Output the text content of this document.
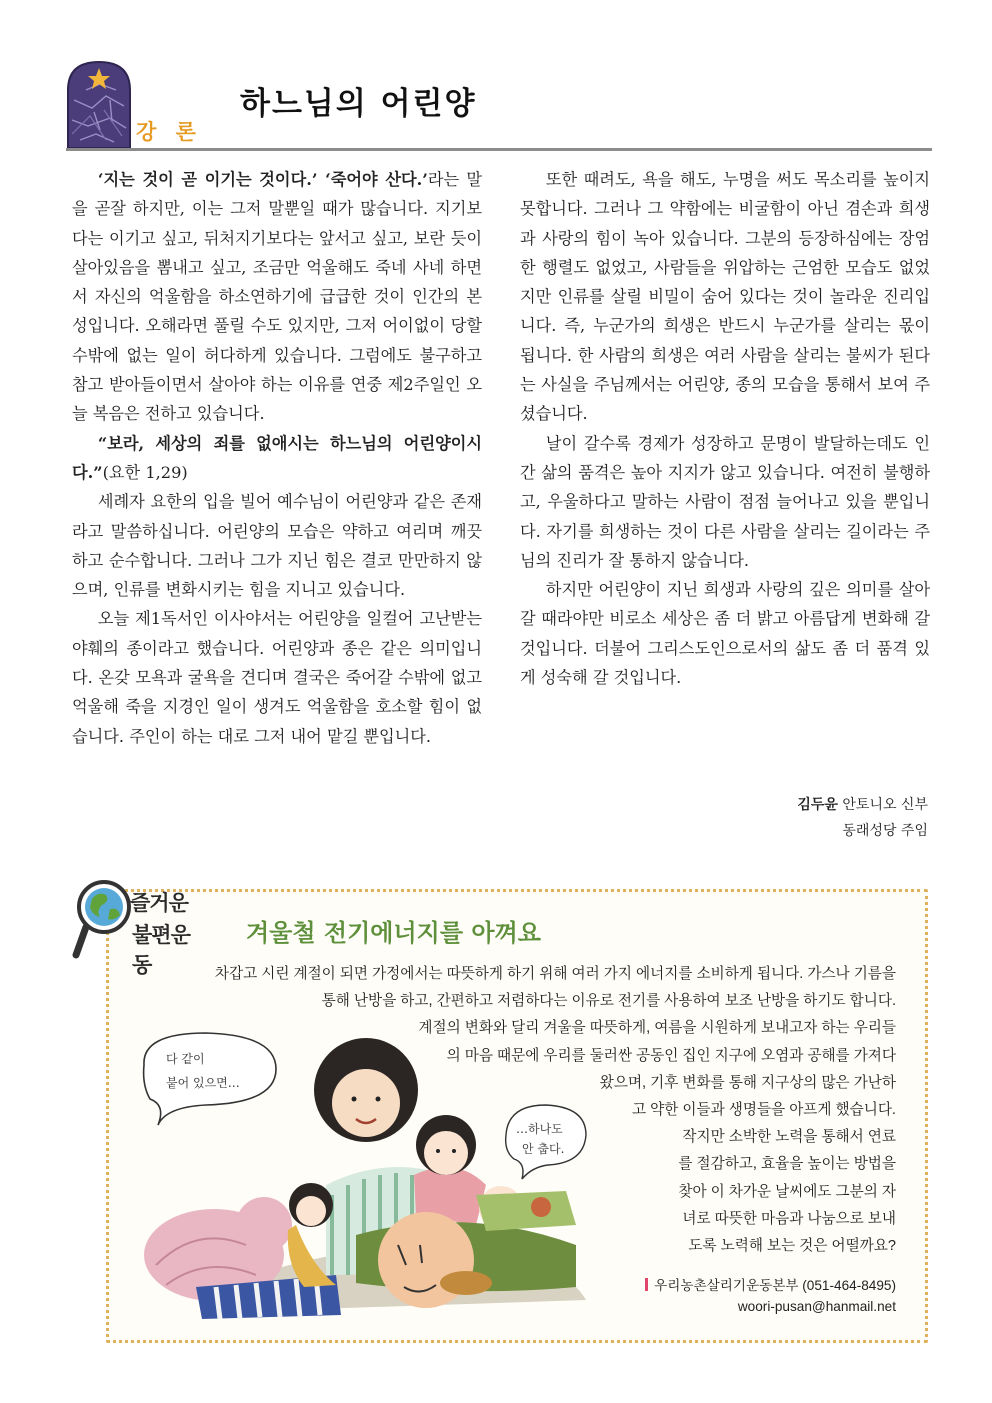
강 론
하느님의 어린양

‘지는 것이 곧 이기는 것이다.’ ‘죽어야 산다.’라는 말을 곧잘 하지만, 이는 그저 말뿐일 때가 많습니다. 지기보다는 이기고 싶고, 뒤처지기보다는 앞서고 싶고, 보란 듯이 살아있음을 뽐내고 싶고, 조금만 억울해도 죽네 사네 하면서 자신의 억울함을 하소연하기에 급급한 것이 인간의 본성입니다. 오해라면 풀릴 수도 있지만, 그저 어이없이 당할 수밖에 없는 일이 허다하게 있습니다. 그럼에도 불구하고 참고 받아들이면서 살아야 하는 이유를 연중 제2주일인 오늘 복음은 전하고 있습니다.

“보라, 세상의 죄를 없애시는 하느님의 어린양이시다.”(요한 1,29)

세례자 요한의 입을 빌어 예수님이 어린양과 같은 존재라고 말씀하십니다. 어린양의 모습은 약하고 여리며 깨끗하고 순수합니다. 그러나 그가 지닌 힘은 결코 만만하지 않으며, 인류를 변화시키는 힘을 지니고 있습니다.

오늘 제1독서인 이사야서는 어린양을 일컬어 고난받는 야훼의 종이라고 했습니다. 어린양과 종은 같은 의미입니다. 온갖 모욕과 굴욕을 견디며 결국은 죽어갈 수밖에 없고 억울해 죽을 지경인 일이 생겨도 억울함을 호소할 힘이 없습니다. 주인이 하는 대로 그저 내어 맡길 뿐입니다.

또한 때려도, 욕을 해도, 누명을 써도 목소리를 높이지 못합니다. 그러나 그 약함에는 비굴함이 아닌 겸손과 희생과 사랑의 힘이 녹아 있습니다. 그분의 등장하심에는 장엄한 행렬도 없었고, 사람들을 위압하는 근엄한 모습도 없었지만 인류를 살릴 비밀이 숨어 있다는 것이 놀라운 진리입니다. 즉, 누군가의 희생은 반드시 누군가를 살리는 몫이 됩니다. 한 사람의 희생은 여러 사람을 살리는 불씨가 된다는 사실을 주님께서는 어린양, 종의 모습을 통해서 보여 주셨습니다.

날이 갈수록 경제가 성장하고 문명이 발달하는데도 인간 삶의 품격은 높아 지지가 않고 있습니다. 여전히 불행하고, 우울하다고 말하는 사람이 점점 늘어나고 있을 뿐입니다. 자기를 희생하는 것이 다른 사람을 살리는 길이라는 주님의 진리가 잘 통하지 않습니다.

하지만 어린양이 지닌 희생과 사랑의 깊은 의미를 살아갈 때라야만 비로소 세상은 좀 더 밝고 아름답게 변화해 갈 것입니다. 더불어 그리스도인으로서의 삶도 좀 더 품격 있게 성숙해 갈 것입니다.

김두윤 안토니오 신부
동래성당 주임
즐거운
불편운동
겨울철 전기에너지를 아껴요
차갑고 시린 계절이 되면 가정에서는 따뜻하게 하기 위해 여러 가지 에너지를 소비하게 됩니다. 가스나 기름을
통해 난방을 하고, 간편하고 저렴하다는 이유로 전기를 사용하여 보조 난방을 하기도 합니다.
계절의 변화와 달리 겨울을 따뜻하게, 여름을 시원하게 보내고자 하는 우리들
의 마음 때문에 우리를 둘러싼 공동인 집인 지구에 오염과 공해를 가져다
왔으며, 기후 변화를 통해 지구상의 많은 가난하
고 약한 이들과 생명들을 아프게 했습니다.
작지만 소박한 노력을 통해서 연료
를 절감하고, 효율을 높이는 방법을
찾아 이 차가운 날씨에도 그분의 자
녀로 따뜻한 마음과 나눔으로 보내
도록 노력해 보는 것은 어떨까요?
다 같이
붙어 있으면…
…하나도
안 춥다.
우리농촌살리기운동본부 (051-464-8495)
woori-pusan@hanmail.net
